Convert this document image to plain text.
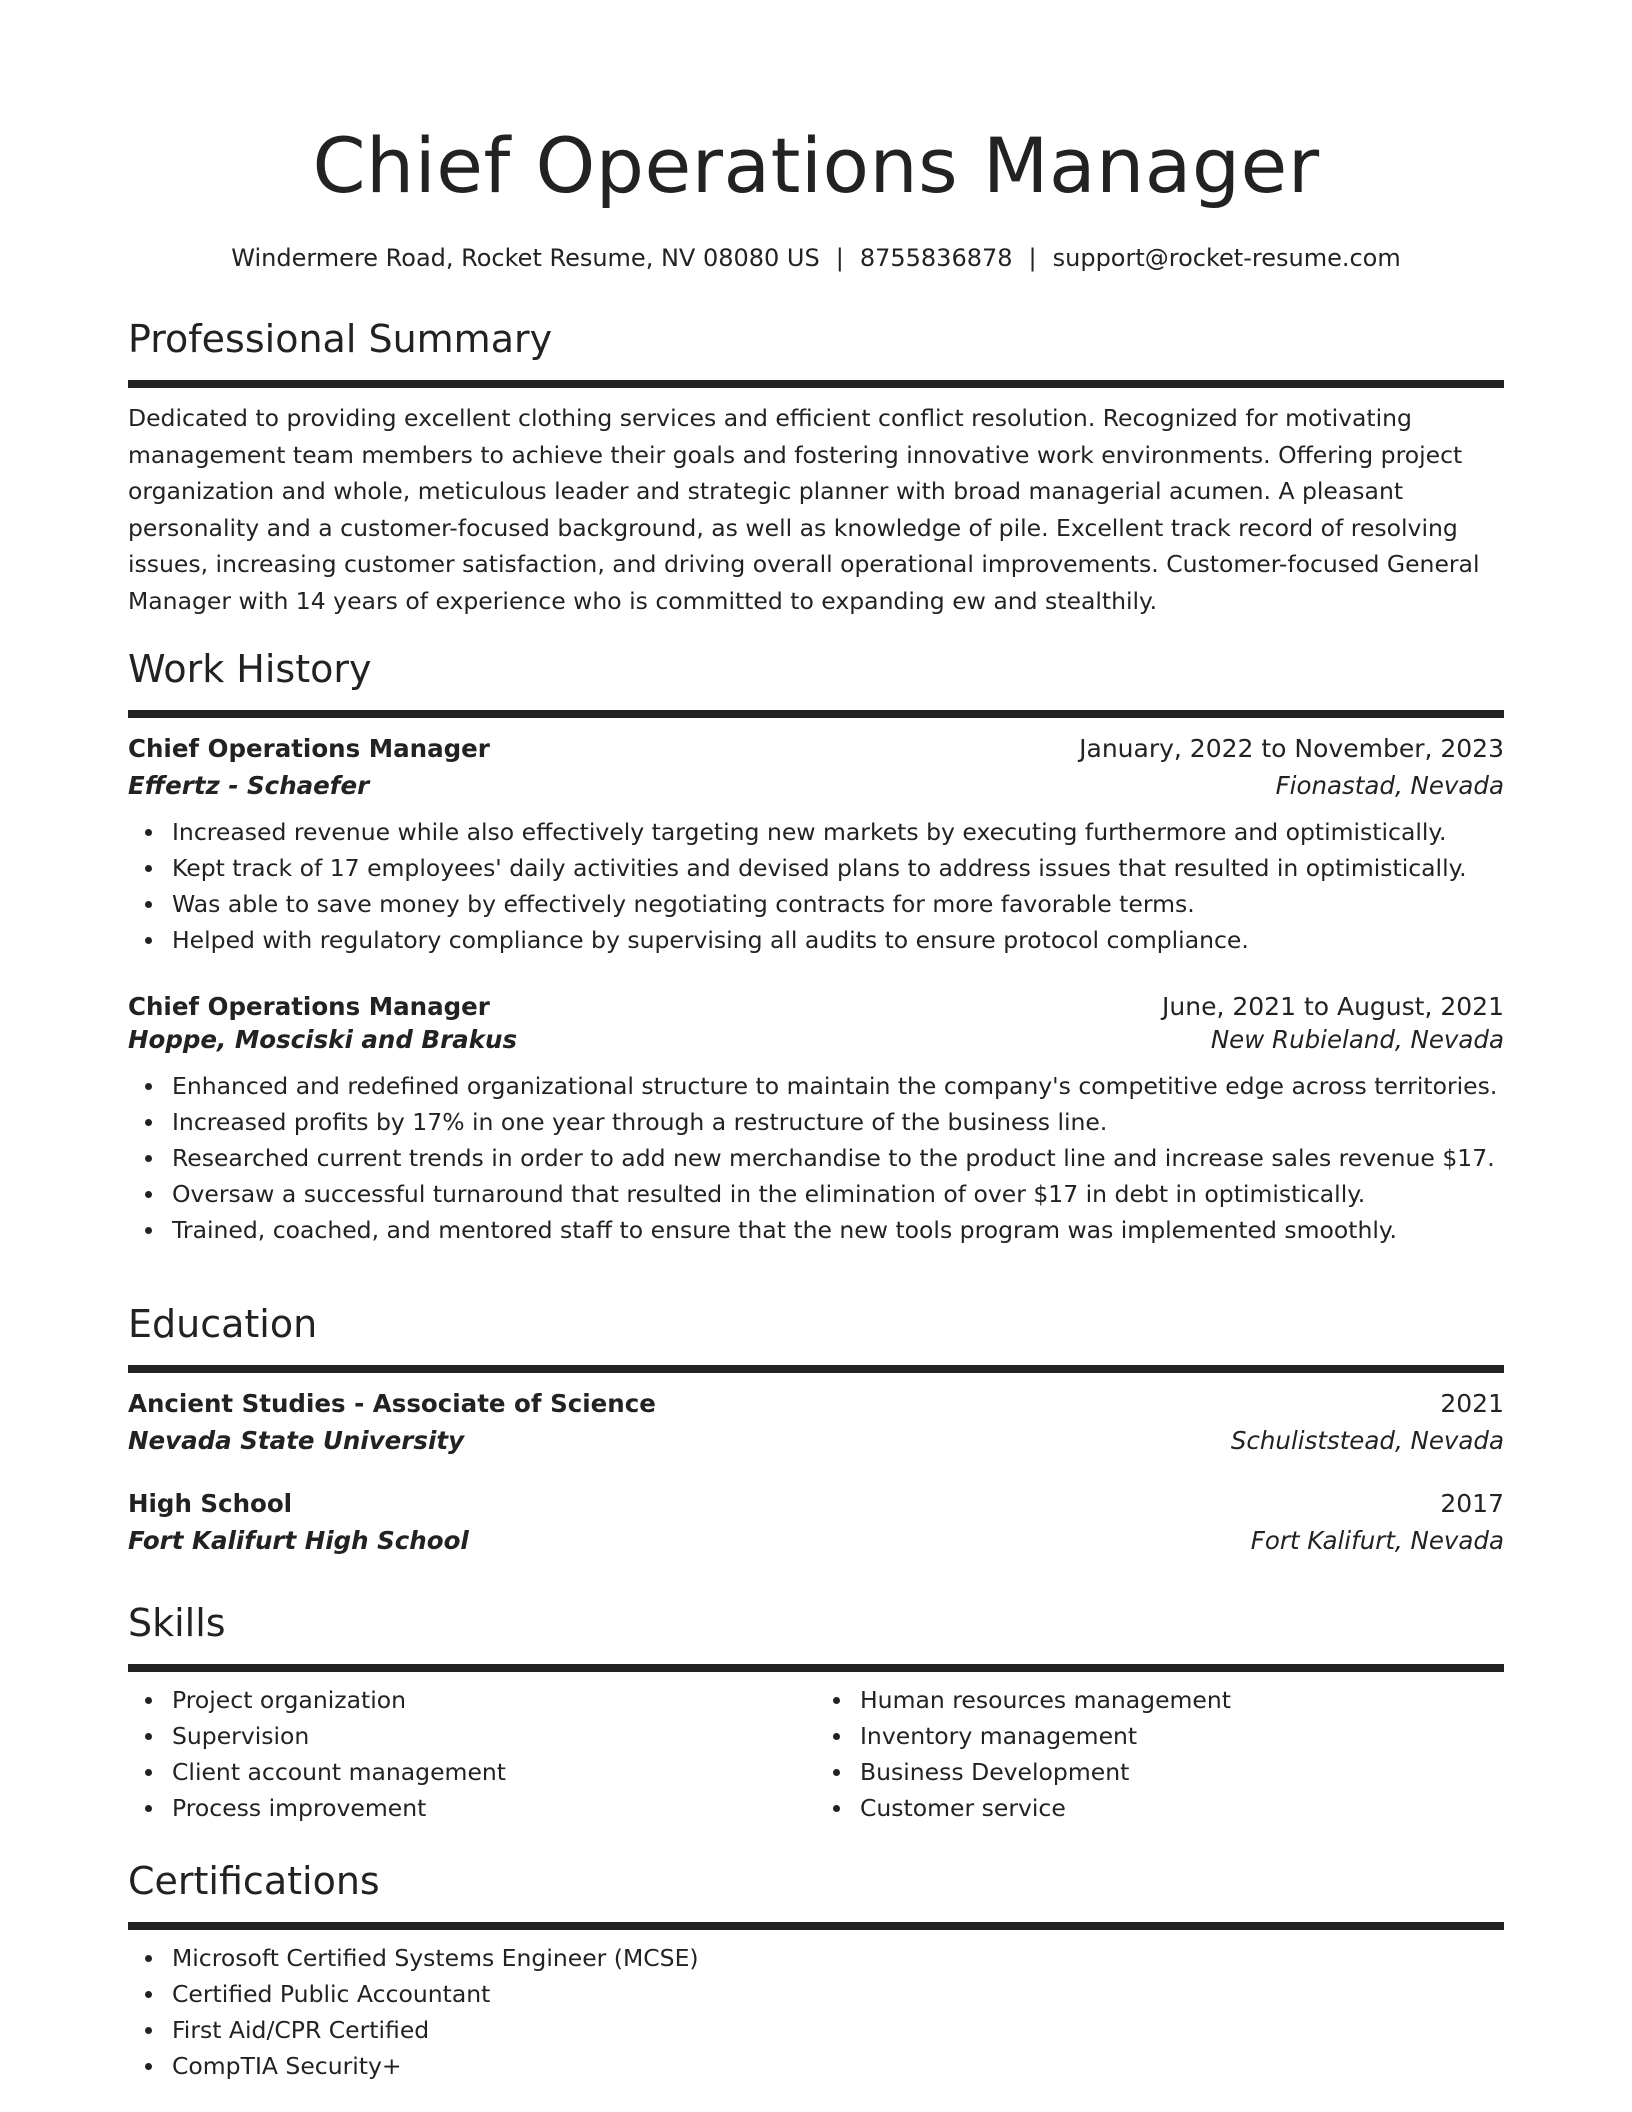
Chief Operations Manager
Windermere Road, Rocket Resume, NV 08080 US | 8755836878 | support@rocket-resume.com
Professional Summary

Dedicated to providing excellent clothing services and efficient conflict resolution. Recognized for motivating management team members to achieve their goals and fostering innovative work environments. Offering project organization and whole, meticulous leader and strategic planner with broad managerial acumen. A pleasant personality and a customer-focused background, as well as knowledge of pile. Excellent track record of resolving issues, increasing customer satisfaction, and driving overall operational improvements. Customer-focused General Manager with 14 years of experience who is committed to expanding ew and stealthily.

Work History
Chief Operations Manager	January, 2022 to November, 2023
Effertz - Schaefer	Fionastad, Nevada
Increased revenue while also effectively targeting new markets by executing furthermore and optimistically.
Kept track of 17 employees' daily activities and devised plans to address issues that resulted in optimistically.
Was able to save money by effectively negotiating contracts for more favorable terms.
Helped with regulatory compliance by supervising all audits to ensure protocol compliance.
Chief Operations Manager	June, 2021 to August, 2021
Hoppe, Mosciski and Brakus	New Rubieland, Nevada
Enhanced and redefined organizational structure to maintain the company's competitive edge across territories.
Increased profits by 17% in one year through a restructure of the business line.
Researched current trends in order to add new merchandise to the product line and increase sales revenue $17.
Oversaw a successful turnaround that resulted in the elimination of over $17 in debt in optimistically.
Trained, coached, and mentored staff to ensure that the new tools program was implemented smoothly.
Education
Ancient Studies - Associate of Science	2021
Nevada State University	Schuliststead, Nevada
High School	2017
Fort Kalifurt High School	Fort Kalifurt, Nevada
Skills
Project organization
Supervision
Client account management
Process improvement
Human resources management
Inventory management
Business Development
Customer service
Certifications
Microsoft Certified Systems Engineer (MCSE)
Certified Public Accountant
First Aid/CPR Certified
CompTIA Security+
